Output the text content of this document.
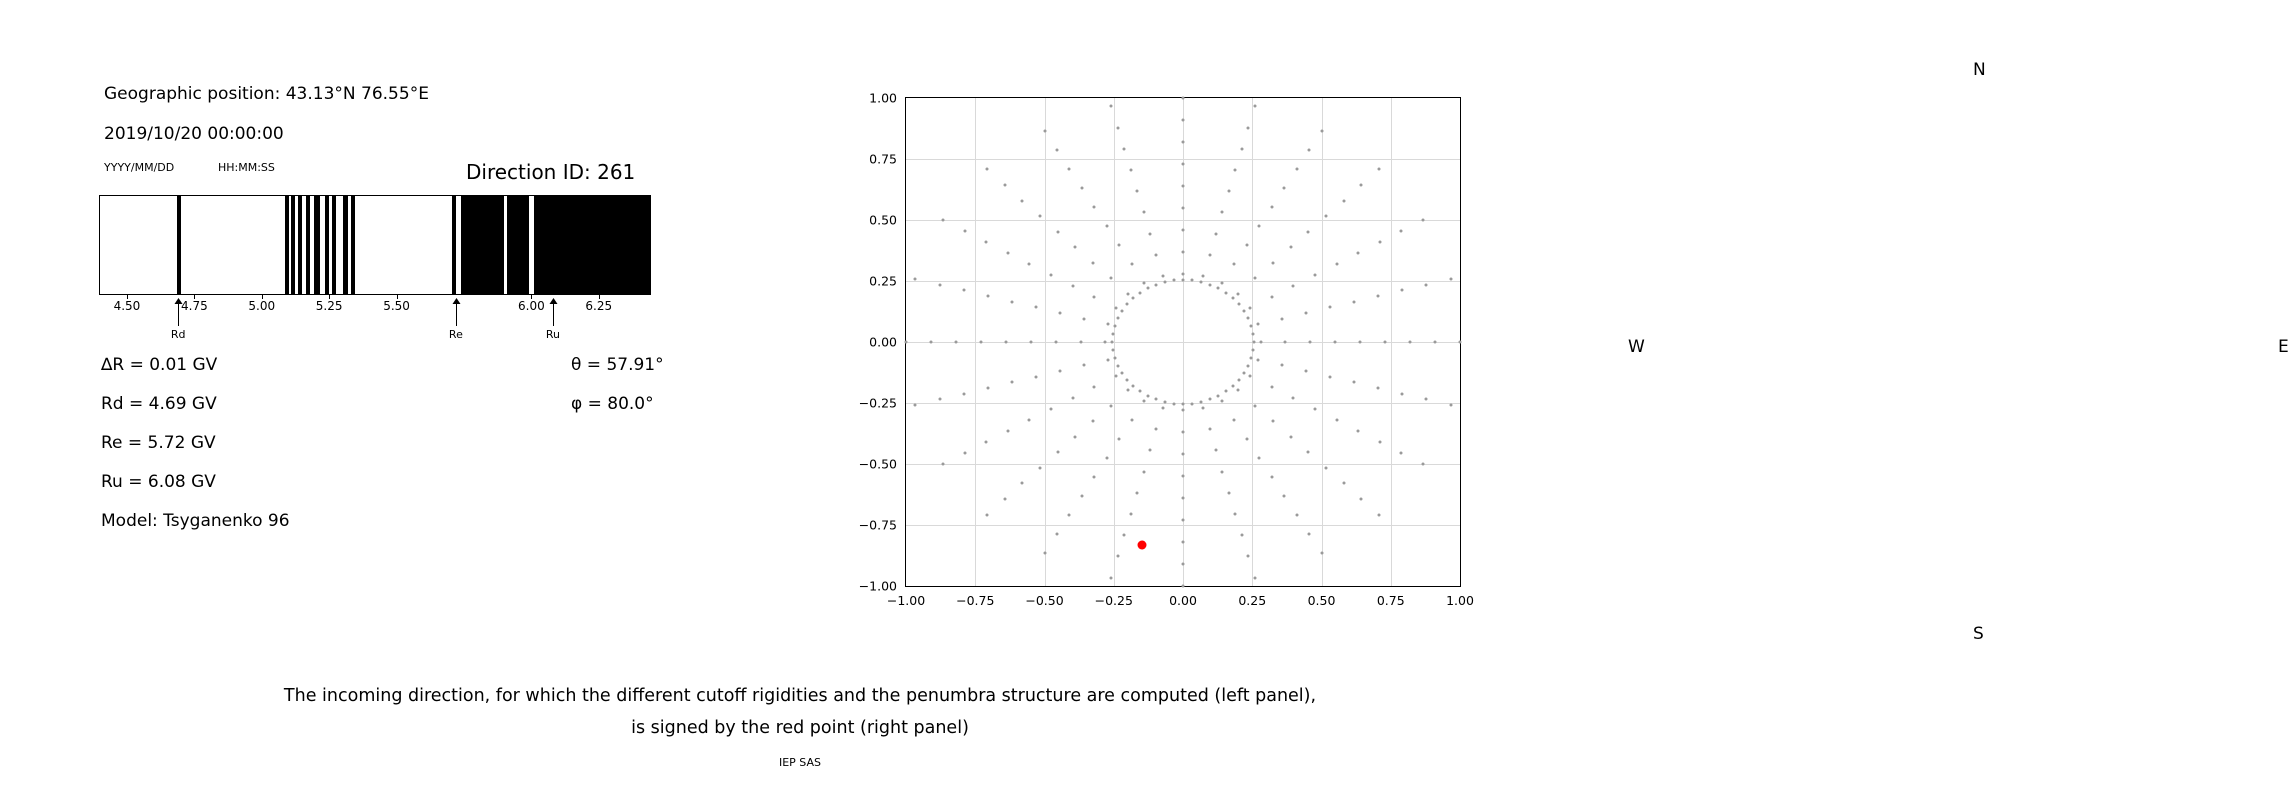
Geographic position: 43.13°N 76.55°E
2019/10/20 00:00:00
YYYY/MM/DD	HH:MM:SS	Direction ID: 261
4.50	4.75	5.00	5.25	5.50	6.00	6.25
Rd	Re	Ru
∆R = 0.01 GV
Rd = 4.69 GV
Re = 5.72 GV
Ru = 6.08 GV
Model: Tsyganenko 96
θ = 57.91°
φ = 80.0°
N
S
W	E
−1.00
−0.75
−0.50
−0.25
0.00
0.25
0.50
0.75
1.00
−1.00 −0.75 −0.50 −0.25	0.00	0.25	0.50	0.75	1.00
The incoming direction, for which the different cutoff rigidities and the penumbra structure are computed (left panel),
is signed by the red point (right panel)
IEP SAS
